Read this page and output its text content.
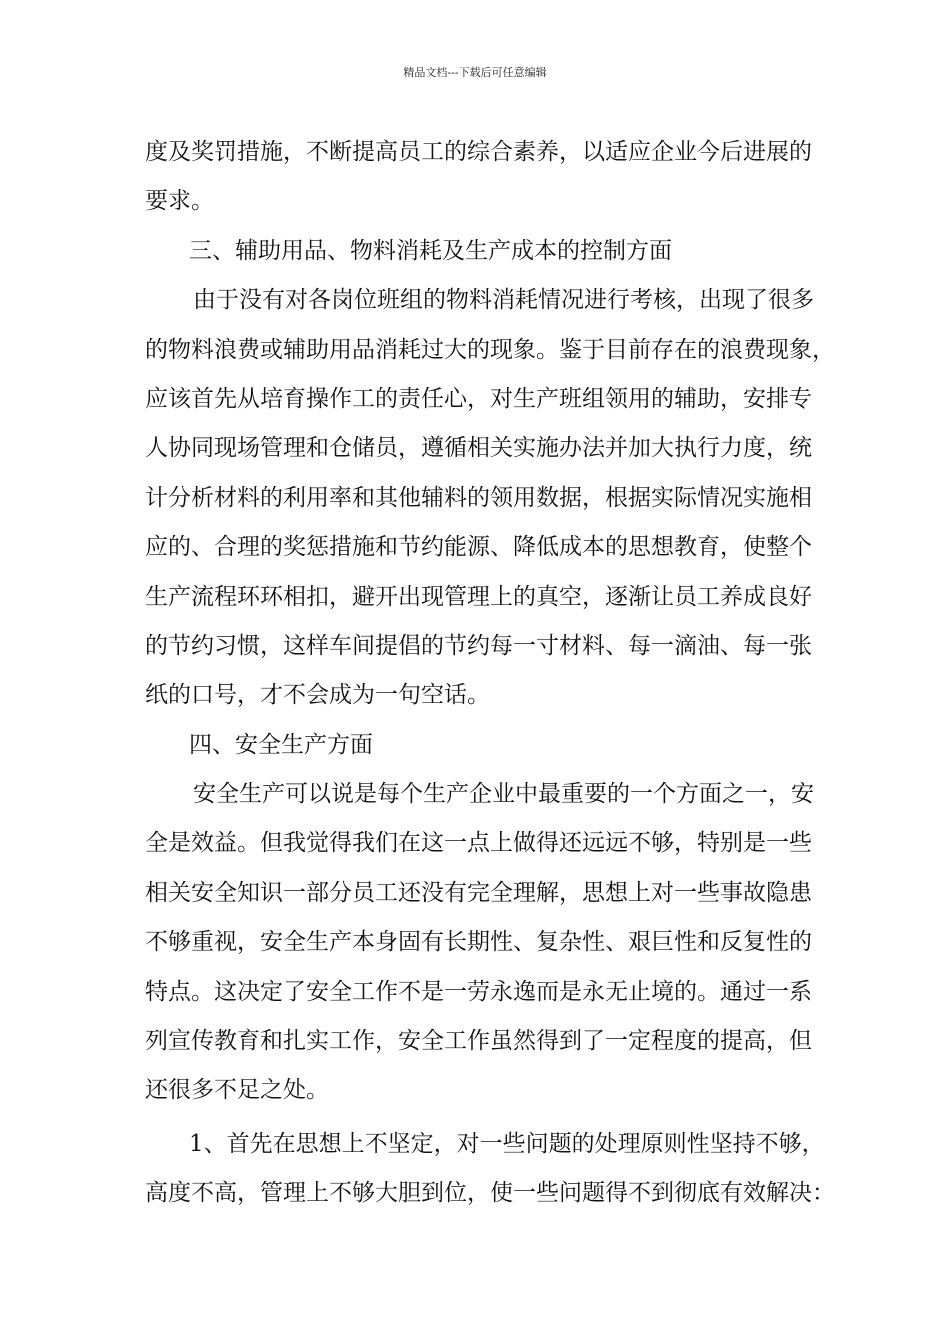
精品文档---下载后可任意编辑
度及奖罚措施，不断提高员工的综合素养，以适应企业今后进展的
要求。
三、辅助用品、物料消耗及生产成本的控制方面
由于没有对各岗位班组的物料消耗情况进行考核，出现了很多
的物料浪费或辅助用品消耗过大的现象。鉴于目前存在的浪费现象，
应该首先从培育操作工的责任心，对生产班组领用的辅助，安排专
人协同现场管理和仓储员，遵循相关实施办法并加大执行力度，统
计分析材料的利用率和其他辅料的领用数据，根据实际情况实施相
应的、合理的奖惩措施和节约能源、降低成本的思想教育，使整个
生产流程环环相扣，避开出现管理上的真空，逐渐让员工养成良好
的节约习惯，这样车间提倡的节约每一寸材料、每一滴油、每一张
纸的口号，才不会成为一句空话。
四、安全生产方面
安全生产可以说是每个生产企业中最重要的一个方面之一，安
全是效益。但我觉得我们在这一点上做得还远远不够，特别是一些
相关安全知识一部分员工还没有完全理解，思想上对一些事故隐患
不够重视，安全生产本身固有长期性、复杂性、艰巨性和反复性的
特点。这决定了安全工作不是一劳永逸而是永无止境的。通过一系
列宣传教育和扎实工作，安全工作虽然得到了一定程度的提高，但
还很多不足之处。
1、首先在思想上不坚定，对一些问题的处理原则性坚持不够，
高度不高，管理上不够大胆到位，使一些问题得不到彻底有效解决：
